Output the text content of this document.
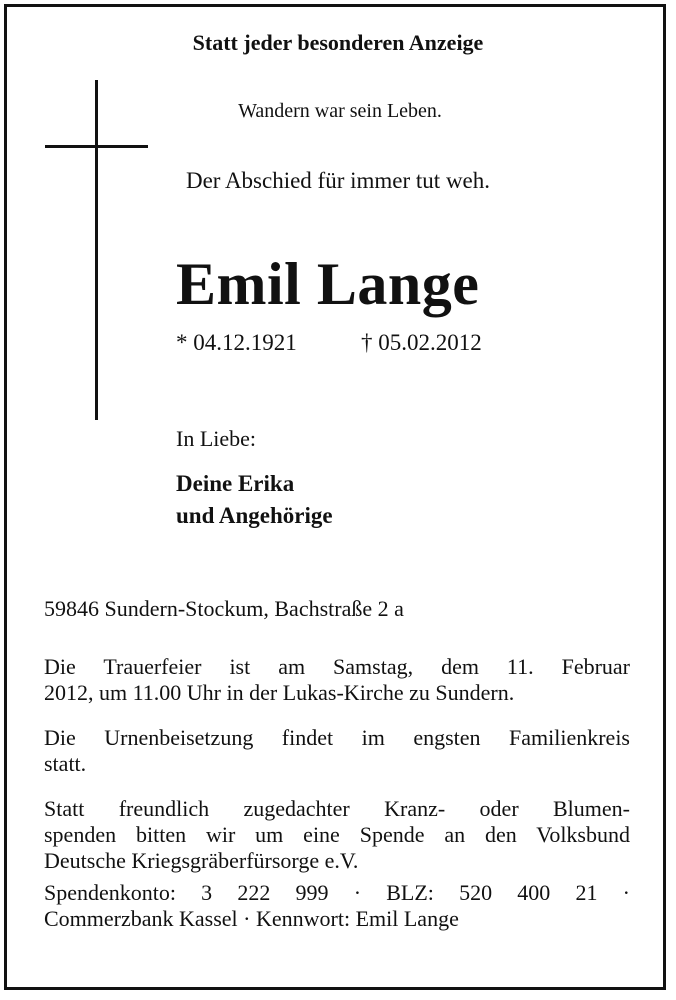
Statt jeder besonderen Anzeige
Wandern war sein Leben.
Der Abschied für immer tut weh.
Emil Lange
* 04.12.1921	† 05.02.2012
In Liebe:
Deine Erika
und Angehörige
59846 Sundern-Stockum, Bachstraße 2 a
Die Trauerfeier ist am Samstag, dem 11. Februar
2012, um 11.00 Uhr in der Lukas-Kirche zu Sundern.
Die Urnenbeisetzung findet im engsten Familienkreis
statt.
Statt freundlich zugedachter Kranz- oder Blumen-
spenden bitten wir um eine Spende an den Volksbund
Deutsche Kriegsgräberfürsorge e.V.
Spendenkonto: 3 222 999 · BLZ: 520 400 21 ·
Commerzbank Kassel · Kennwort: Emil Lange
